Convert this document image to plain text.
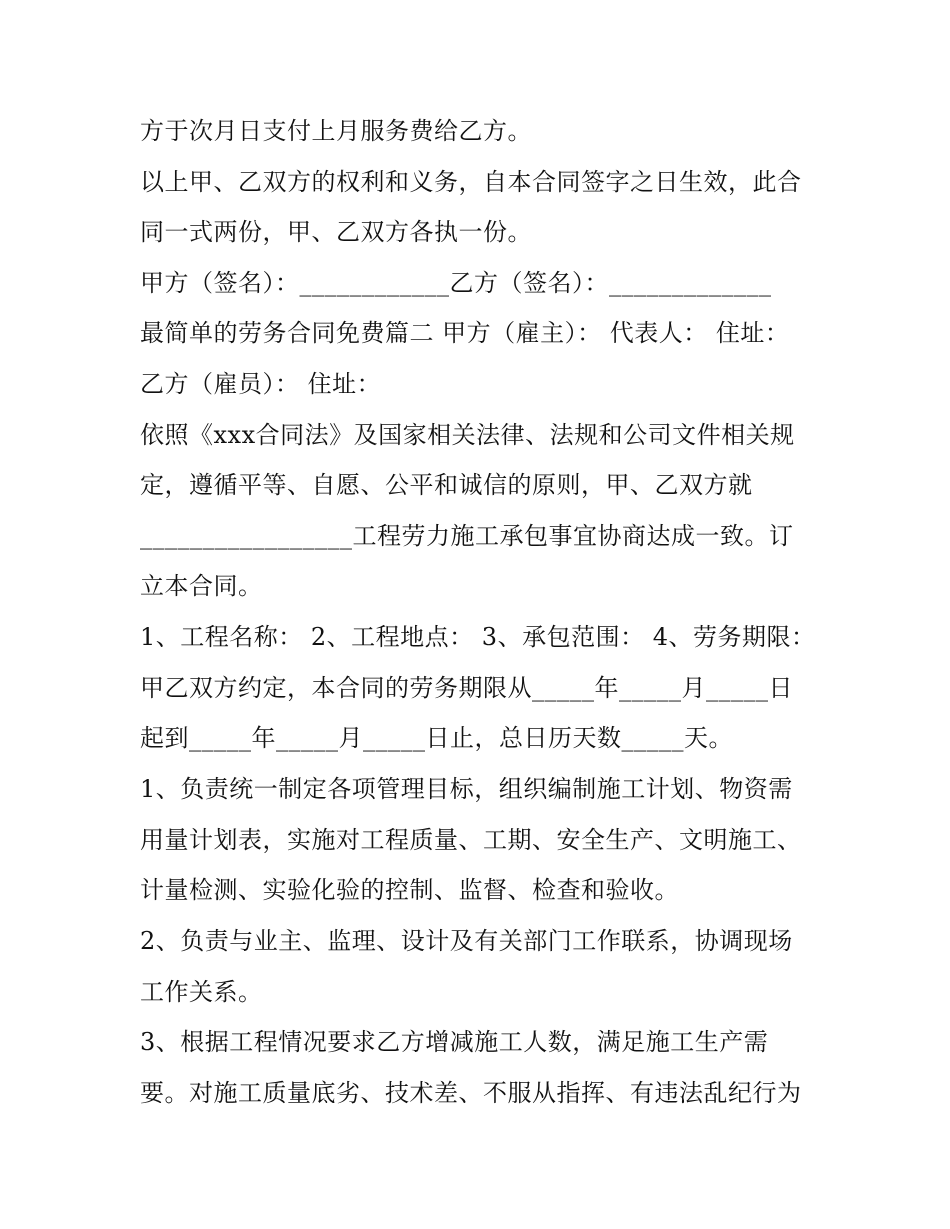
方于次月日支付上月服务费给乙方。
以上甲、乙双方的权利和义务，自本合同签字之日生效，此合
同一式两份，甲、乙双方各执一份。
甲方（签名）：____________乙方（签名）：_____________
最简单的劳务合同免费篇二 甲方（雇主）： 代表人： 住址：
乙方（雇员）： 住址：
依照《xxx合同法》及国家相关法律、法规和公司文件相关规
定，遵循平等、自愿、公平和诚信的原则，甲、乙双方就
_________________工程劳力施工承包事宜协商达成一致。订
立本合同。
1、工程名称： 2、工程地点： 3、承包范围： 4、劳务期限：
甲乙双方约定，本合同的劳务期限从_____年_____月_____日
起到_____年_____月_____日止，总日历天数_____天。
1、负责统一制定各项管理目标，组织编制施工计划、物资需
用量计划表，实施对工程质量、工期、安全生产、文明施工、
计量检测、实验化验的控制、监督、检查和验收。
2、负责与业主、监理、设计及有关部门工作联系，协调现场
工作关系。
3、根据工程情况要求乙方增减施工人数，满足施工生产需
要。对施工质量底劣、技术差、不服从指挥、有违法乱纪行为
